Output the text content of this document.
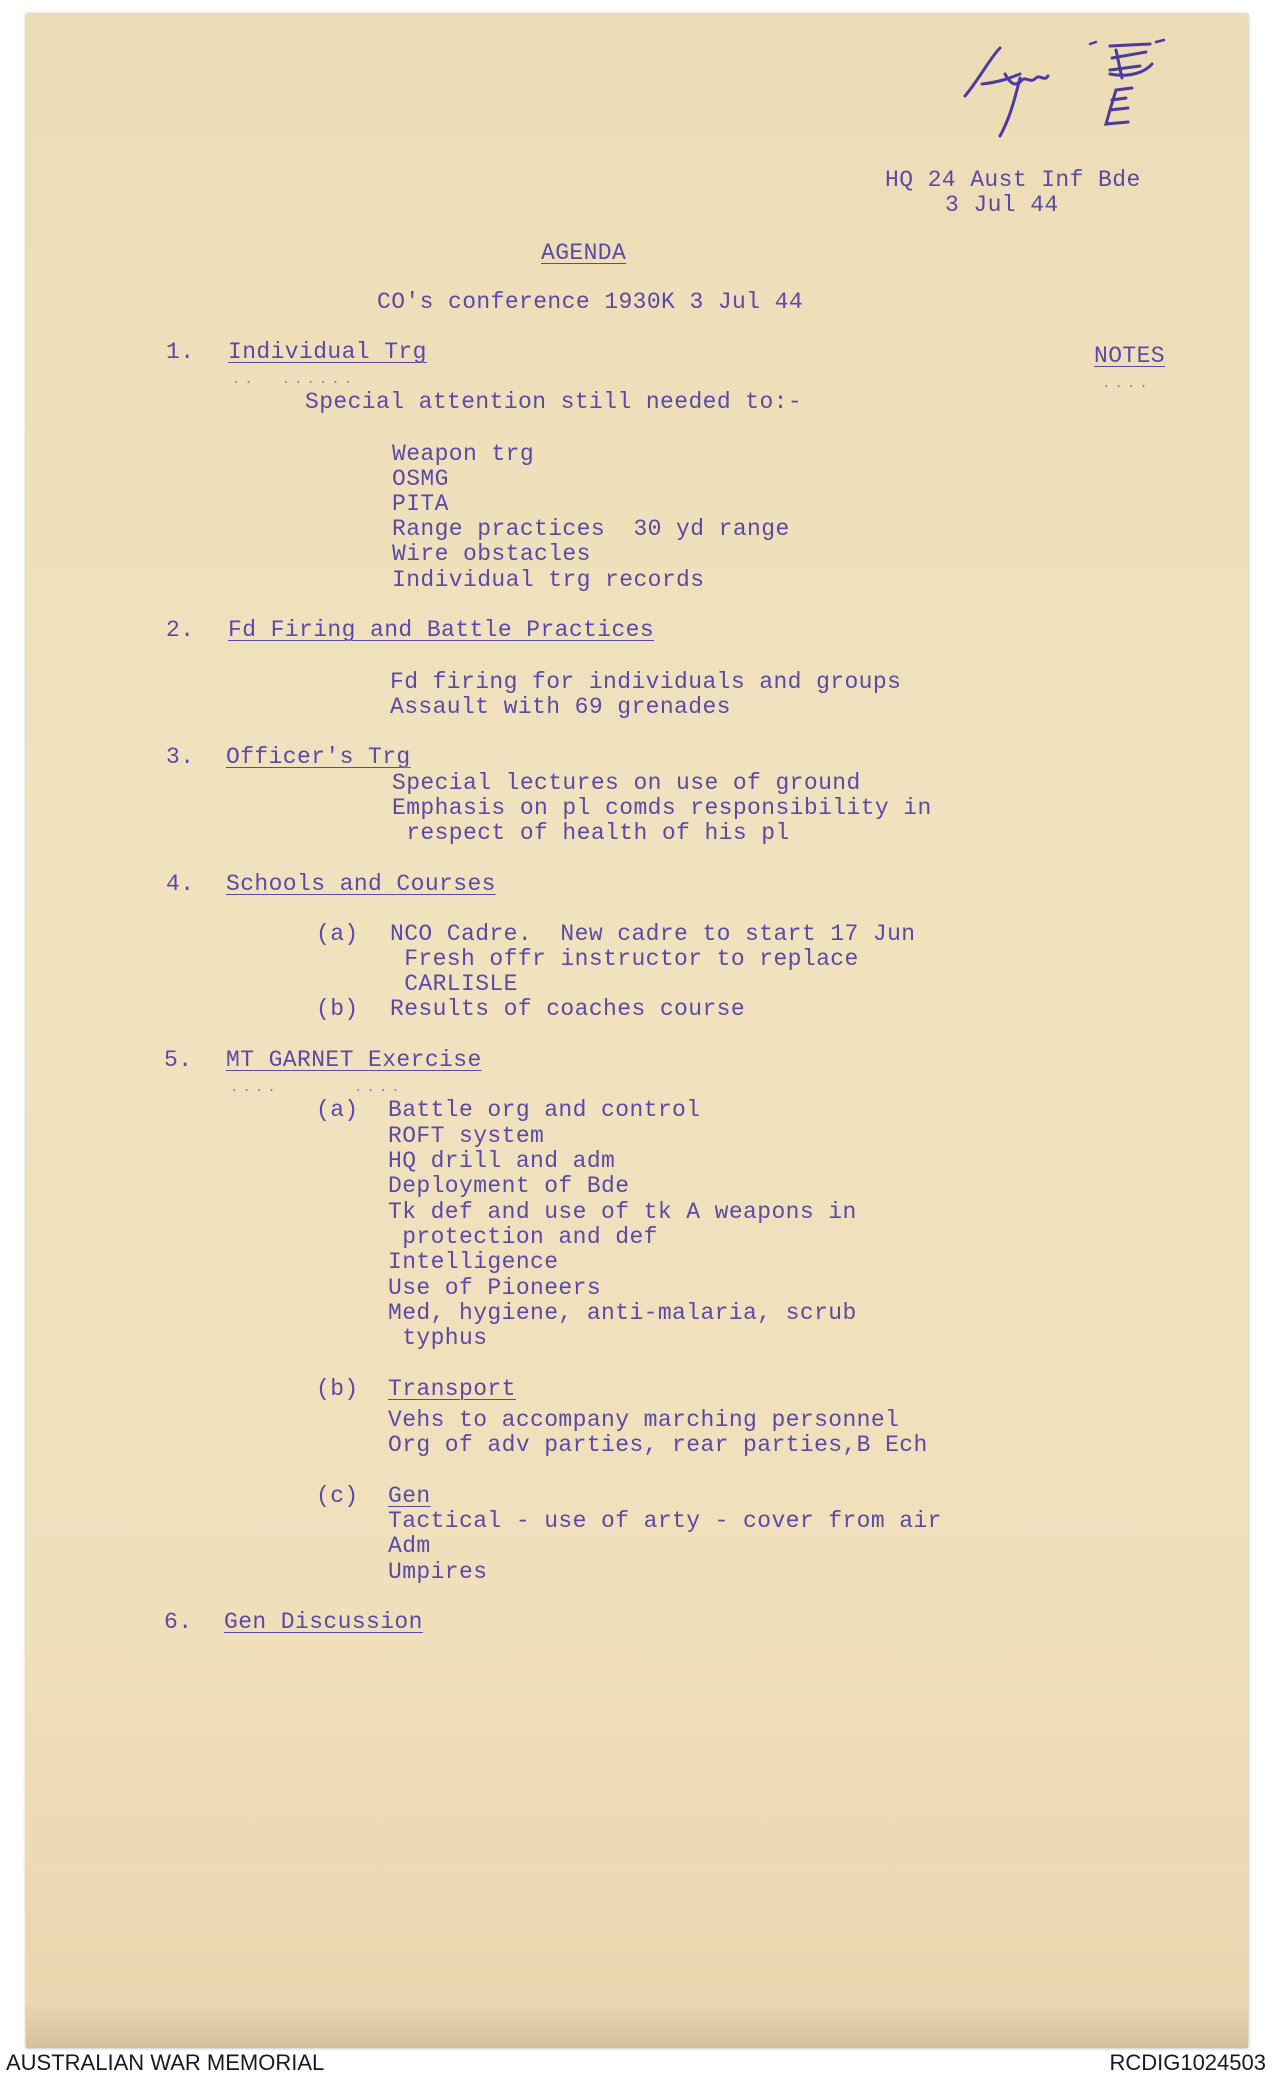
HQ 24 Aust Inf Bde
3 Jul 44
AGENDA
CO's conference 1930K 3 Jul 44
1. Individual Trg	NOTES
..  ......	....
Special attention still needed to:-
Weapon trg
OSMG
PITA
Range practices  30 yd range
Wire obstacles
Individual trg records
2. Fd Firing and Battle Practices
Fd firing for individuals and groups
Assault with 69 grenades
3. Officer's Trg
Special lectures on use of ground
Emphasis on pl comds responsibility in
respect of health of his pl
4. Schools and Courses
(a) NCO Cadre.  New cadre to start 17 Jun
Fresh offr instructor to replace
CARLISLE
(b) Results of coaches course
5. MT GARNET Exercise
....      ....
(a) Battle org and control
ROFT system
HQ drill and adm
Deployment of Bde
Tk def and use of tk A weapons in
protection and def
Intelligence
Use of Pioneers
Med, hygiene, anti-malaria, scrub
typhus
(b) Transport
Vehs to accompany marching personnel
Org of adv parties, rear parties,B Ech
(c) Gen
Tactical - use of arty - cover from air
Adm
Umpires
6. Gen Discussion
AUSTRALIAN WAR MEMORIAL	RCDIG1024503
